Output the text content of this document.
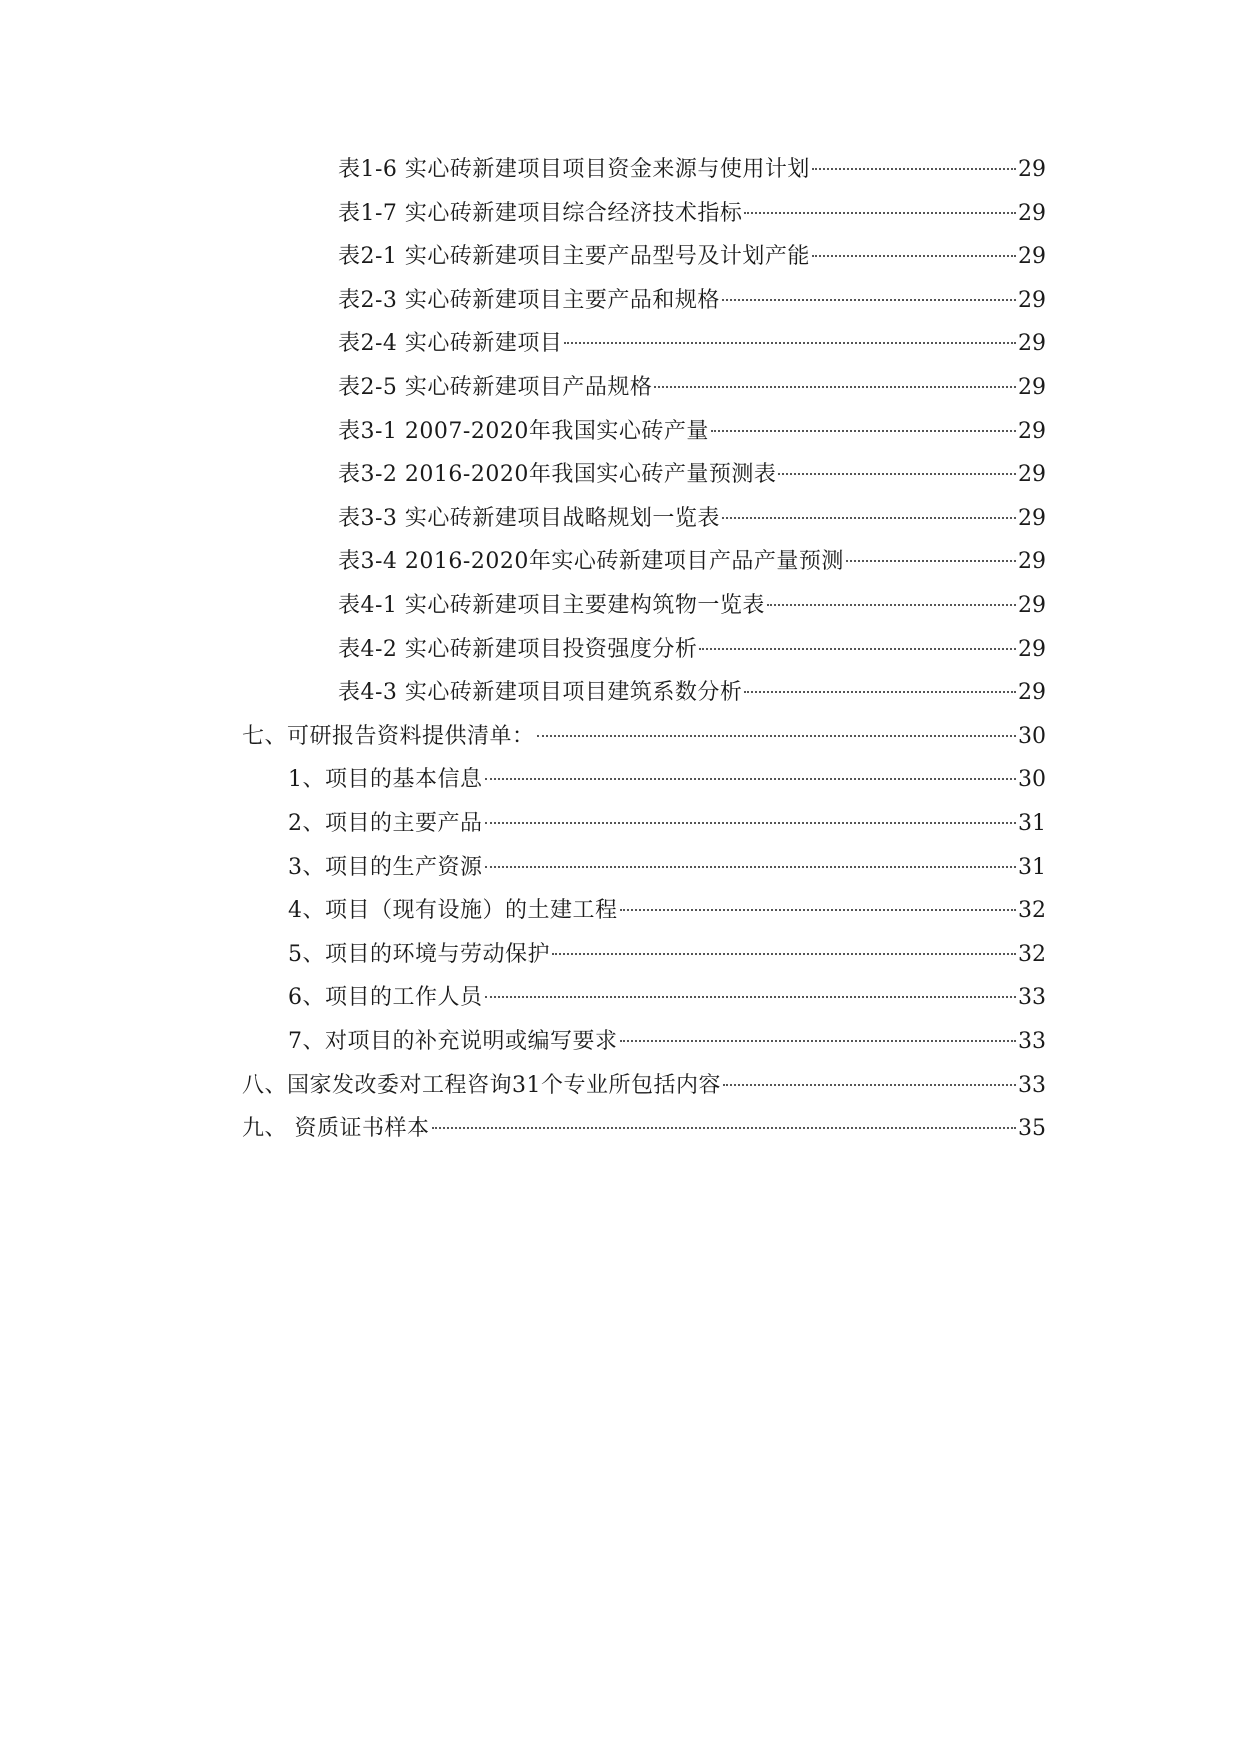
表1-6 实心砖新建项目项目资金来源与使用计划	29
表1-7 实心砖新建项目综合经济技术指标	29
表2-1 实心砖新建项目主要产品型号及计划产能	29
表2-3 实心砖新建项目主要产品和规格	29
表2-4 实心砖新建项目	29
表2-5 实心砖新建项目产品规格	29
表3-1 2007-2020年我国实心砖产量	29
表3-2 2016-2020年我国实心砖产量预测表	29
表3-3 实心砖新建项目战略规划一览表	29
表3-4 2016-2020年实心砖新建项目产品产量预测	29
表4-1 实心砖新建项目主要建构筑物一览表	29
表4-2 实心砖新建项目投资强度分析	29
表4-3 实心砖新建项目项目建筑系数分析	29
七、可研报告资料提供清单：	30
1、项目的基本信息	30
2、项目的主要产品	31
3、项目的生产资源	31
4、项目（现有设施）的土建工程	32
5、项目的环境与劳动保护	32
6、项目的工作人员	33
7、对项目的补充说明或编写要求	33
八、国家发改委对工程咨询31个专业所包括内容	33
九、 资质证书样本	35
